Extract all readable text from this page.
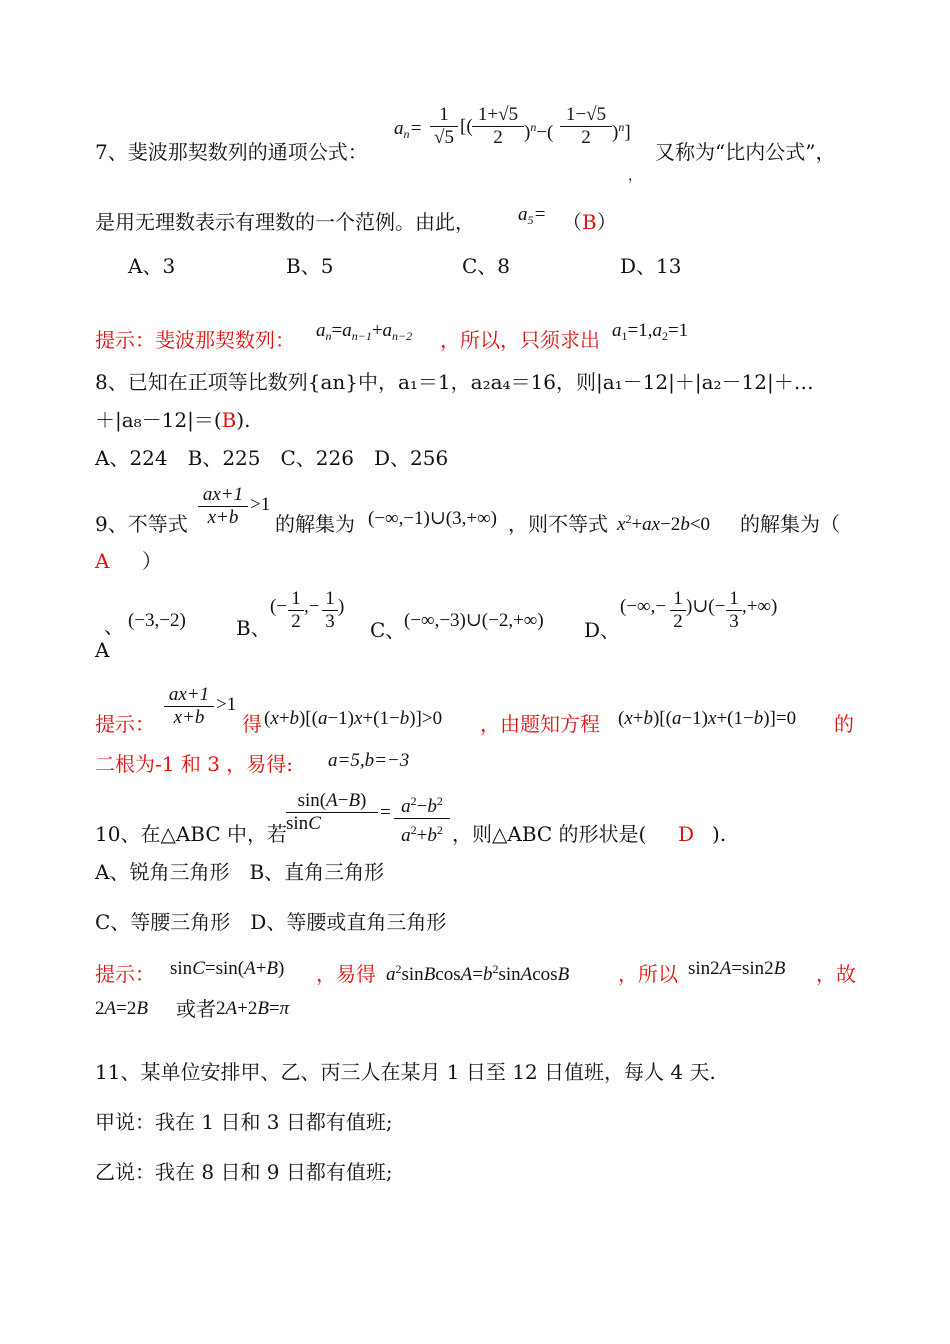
7、斐波那契数列的通项公式：
$a_n= \frac{1}{√5}$ [( $\frac{1+√5}{2} )^n-( \frac{1-√5}{2} )^n$]
又称为“比内公式”，
，
是用无理数表示有理数的一个范例。由此， $a_5= (B)$
A、3	B、5	C、8	D、13
提示：斐波那契数列： $a_n=a_{n-1}+a_{n-2}$ ，所以，只须求出 $a_1=1,a_2=1$
8、已知在正项等比数列{an}中，a₁＝1，a₂a₄＝16，则|a₁－12|＋|a₂－12|＋…
＋|a₈－12|＝(B).
A、224　B、225　C、226　D、256
9、不等式 $\frac{ax+1}{x+b} >1$
的解集为 (−∞,−1)∪(3,+∞) ，则不等式 $x^2+ax-2b<0$ 的解集为（
A ）
、 (−3,−2)
A
B、
(− $\frac{1}{2}$ ,− $\frac{1}{3}$ )
C、
(−∞,−3)∪(−2,+∞) D、
(−∞,− $\frac{1}{2}$ )∪(− $\frac{1}{3}$ ,+∞)
提示： $\frac{ax+1}{x+b} >1$
得 (x+b)[(a−1)x+(1−b)]>0 ，由题知方程 (x+b)[(a−1)x+(1−b)]=0 的
二根为-1 和 3 ，易得: a=5,b=−3
10、在△ABC 中，若
$\frac{\sin(A-B)}{\sin C} = \frac{a^2-b^2}{a^2+b^2}$ ，则△ABC 的形状是( D ).
A、锐角三角形　B、直角三角形
C、等腰三角形　D、等腰或直角三角形
提示： sinC=sin(A+B) ，易得 $a^2sinBcosA=b^2sinAcosB$ ，所以 sin2A=sin2B ，故
2A=2B 或者 2A+2B=π
11、某单位安排甲、乙、丙三人在某月 1 日至 12 日值班，每人 4 天.
甲说：我在 1 日和 3 日都有值班;
乙说：我在 8 日和 9 日都有值班;
